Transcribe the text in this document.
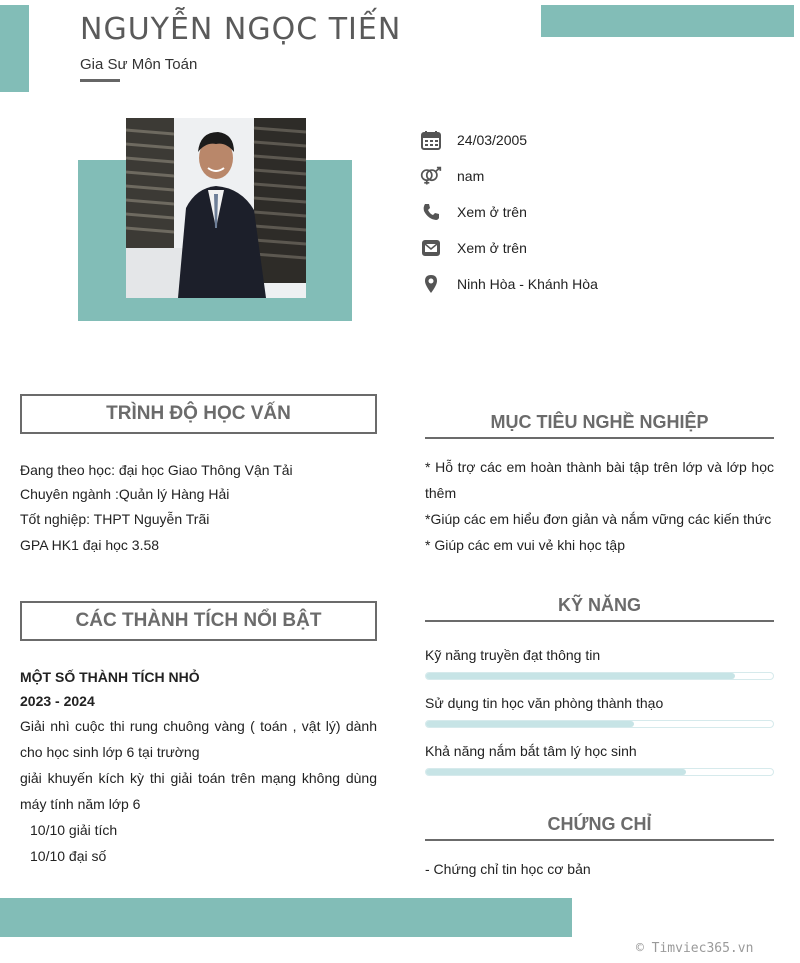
NGUYỄN NGỌC TIẾN
Gia Sư Môn Toán
24/03/2005
nam
Xem ở trên
Xem ở trên
Ninh Hòa - Khánh Hòa
TRÌNH ĐỘ HỌC VẤN
Đang theo học: đại học Giao Thông Vận Tải
Chuyên ngành :Quản lý Hàng Hải
Tốt nghiệp: THPT Nguyễn Trãi
GPA HK1 đại học 3.58
CÁC THÀNH TÍCH NỔI BẬT
MỘT SỐ THÀNH TÍCH NHỎ
2023 - 2024
Giải nhì cuộc thi rung chuông vàng ( toán , vật lý) dành cho học sinh lớp 6 tại trường
giải khuyến kích kỳ thi giải toán trên mạng không dùng máy tính năm lớp 6
10/10 giải tích
10/10 đại số
MỤC TIÊU NGHỀ NGHIỆP
* Hỗ trợ các em hoàn thành bài tập trên lớp và lớp học thêm
*Giúp các em hiểu đơn giản và nắm vững các kiến thức
* Giúp các em vui vẻ khi học tập
KỸ NĂNG
Kỹ năng truyền đạt thông tin
Sử dụng tin học văn phòng thành thạo
Khả năng nắm bắt tâm lý học sinh
CHỨNG CHỈ
- Chứng chỉ tin học cơ bản
© Timviec365.vn
